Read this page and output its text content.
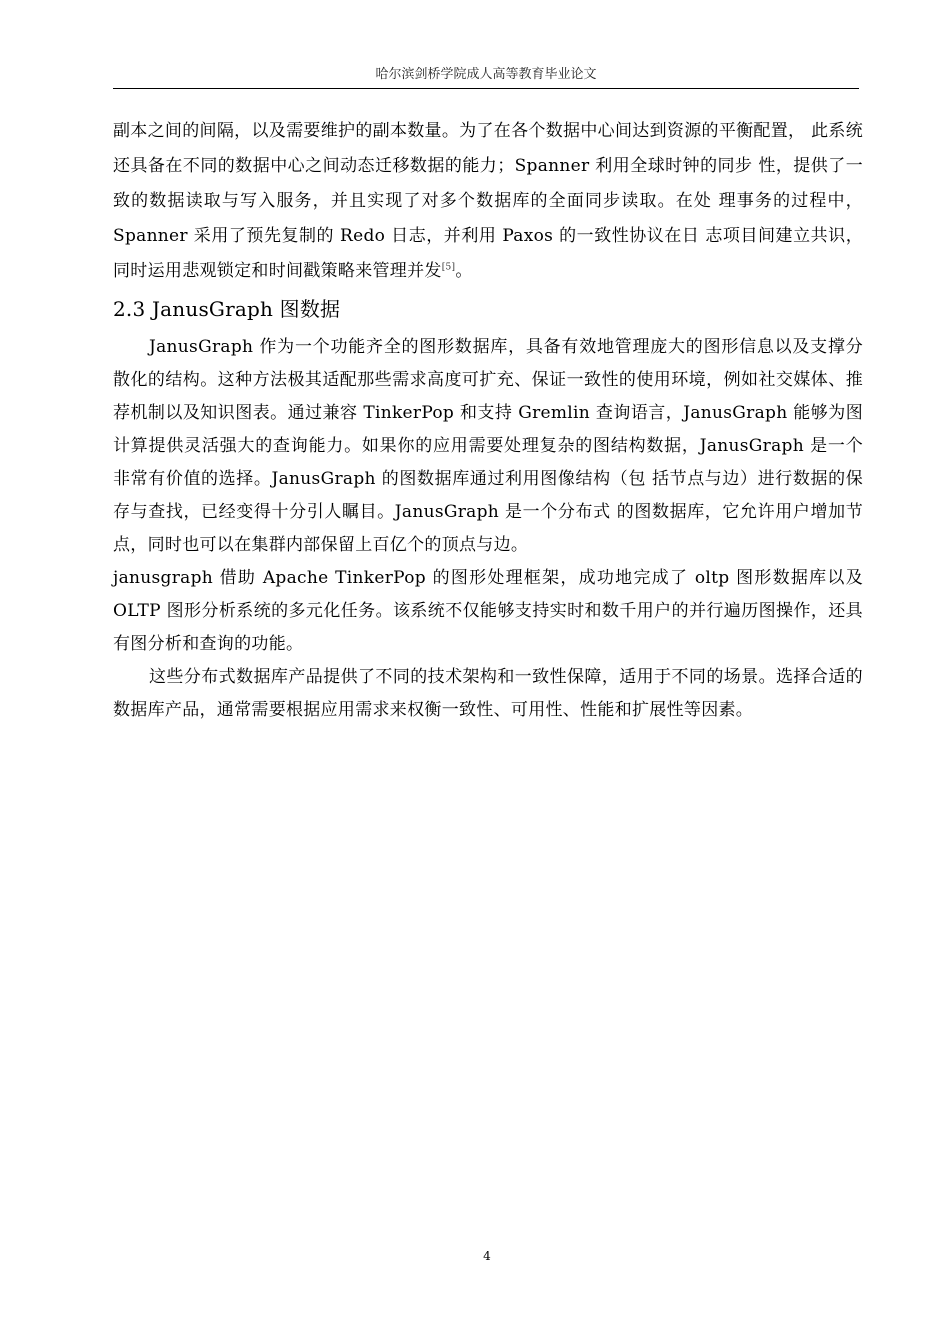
哈尔滨剑桥学院成人高等教育毕业论文

副本之间的间隔，以及需要维护的副本数量。为了在各个数据中心间达到资源的平衡配置， 此系统还具备在不同的数据中心之间动态迁移数据的能力；Spanner 利用全球时钟的同步 性，提供了一致的数据读取与写入服务，并且实现了对多个数据库的全面同步读取。在处 理事务的过程中，Spanner 采用了预先复制的 Redo 日志，并利用 Paxos 的一致性协议在日 志项目间建立共识，同时运用悲观锁定和时间戳策略来管理并发[5]。

2.3 JanusGraph 图数据

JanusGraph 作为一个功能齐全的图形数据库，具备有效地管理庞大的图形信息以及支撑分散化的结构。这种方法极其适配那些需求高度可扩充、保证一致性的使用环境，例如社交媒体、推荐机制以及知识图表。通过兼容 TinkerPop 和支持 Gremlin 查询语言，JanusGraph 能够为图计算提供灵活强大的查询能力。如果你的应用需要处理复杂的图结构数据，JanusGraph 是一个非常有价值的选择。JanusGraph 的图数据库通过利用图像结构（包 括节点与边）进行数据的保存与查找，已经变得十分引人瞩目。JanusGraph 是一个分布式 的图数据库，它允许用户增加节点，同时也可以在集群内部保留上百亿个的顶点与边。

janusgraph 借助 Apache TinkerPop 的图形处理框架，成功地完成了 oltp 图形数据库以及 OLTP 图形分析系统的多元化任务。该系统不仅能够支持实时和数千用户的并行遍历图操作，还具有图分析和查询的功能。

这些分布式数据库产品提供了不同的技术架构和一致性保障，适用于不同的场景。选择合适的数据库产品，通常需要根据应用需求来权衡一致性、可用性、性能和扩展性等因素。

4
